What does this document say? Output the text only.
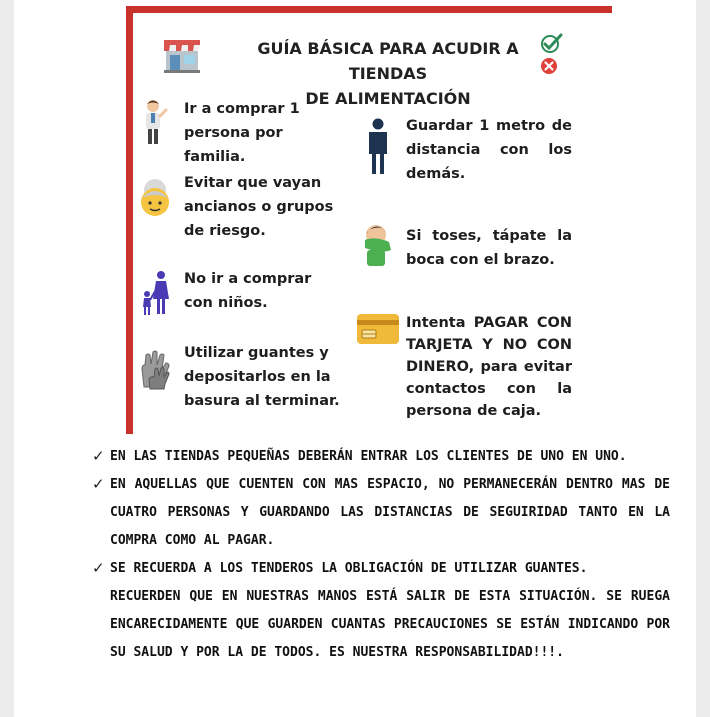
GUÍA BÁSICA PARA ACUDIR A TIENDAS
DE ALIMENTACIÓN
Ir a comprar 1 persona por familia.
Evitar que vayan ancianos o grupos de riesgo.
No ir a comprar con niños.
Utilizar guantes y depositarlos en la basura al terminar.
Guardar 1 metro de distancia con los demás.
Si toses, tápate la boca con el brazo.
Intenta PAGAR CON TARJETA Y NO CON DINERO, para evitar contactos con la persona de caja.
✓ EN LAS TIENDAS PEQUEÑAS DEBERÁN ENTRAR LOS CLIENTES DE UNO EN UNO.
✓ EN AQUELLAS QUE CUENTEN CON MAS ESPACIO, NO PERMANECERÁN DENTRO MAS DE CUATRO PERSONAS Y GUARDANDO LAS DISTANCIAS DE SEGUIRIDAD TANTO EN LA COMPRA COMO AL PAGAR.
✓ SE RECUERDA A LOS TENDEROS LA OBLIGACIÓN DE UTILIZAR GUANTES.
RECUERDEN QUE EN NUESTRAS MANOS ESTÁ SALIR DE ESTA SITUACIÓN. SE RUEGA ENCARECIDAMENTE QUE GUARDEN CUANTAS PRECAUCIONES SE ESTÁN INDICANDO POR SU SALUD Y POR LA DE TODOS. ES NUESTRA RESPONSABILIDAD!!!.
